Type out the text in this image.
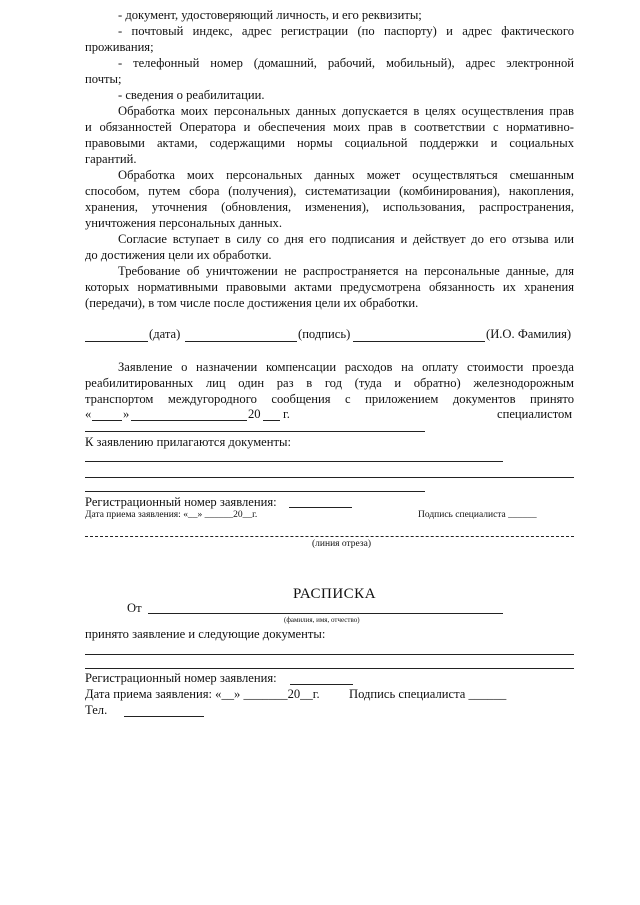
- документ, удостоверяющий личность, и его реквизиты;

- почтовый индекс, адрес регистрации (по паспорту) и адрес фактического

проживания;

- телефонный номер (домашний, рабочий, мобильный), адрес электронной

почты;

- сведения о реабилитации.

Обработка моих персональных данных допускается в целях осуществления прав

и обязанностей Оператора и обеспечения моих прав в соответствии с нормативно-

правовыми актами, содержащими нормы социальной поддержки и социальных

гарантий.

Обработка моих персональных данных может осуществляться смешанным

способом, путем сбора (получения), систематизации (комбинирования), накопления,

хранения, уточнения (обновления, изменения), использования, распространения,

уничтожения персональных данных.

Согласие вступает в силу со дня его подписания и действует до его отзыва или

до достижения цели их обработки.

Требование об уничтожении не распространяется на персональные данные, для

которых нормативными правовыми актами предусмотрена обязанность их хранения

(передачи), в том числе после достижения цели их обработки.

(дата)	(подпись)	(И.О. Фамилия)

Заявление о назначении компенсации расходов на оплату стоимости проезда

реабилитированных лиц один раз в год (туда и обратно) железнодорожным

транспортом междугородного сообщения с приложением документов принято

«	»	20 г.	специалистом

К заявлению прилагаются документы:

Регистрационный номер заявления:

Дата приема заявления: «__» ______20__г.	Подпись специалиста ______

(линия отреза)

РАСПИСКА

От

(фамилия, имя, отчество)

принято заявление и следующие документы:

Регистрационный номер заявления:

Дата приема заявления: «__» _______20__г. Подпись специалиста ______

Тел.
